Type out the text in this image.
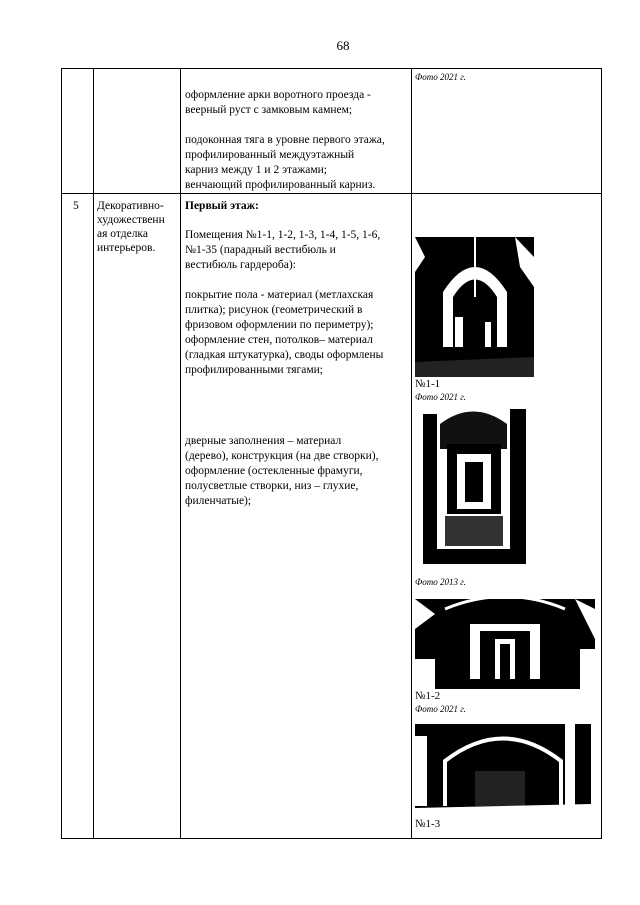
68
оформление арки воротного проезда -
веерный руст с замковым камнем;
подоконная тяга в уровне первого этажа,
профилированный междуэтажный
карниз между 1 и 2 этажами;
венчающий профилированный карниз.
Фото 2021 г.
5 Декоративно-
художественн
ая отделка
интерьеров.
Первый этаж:
Помещения №1-1, 1-2, 1-3, 1-4, 1-5, 1-6,
№1-35 (парадный вестибюль и
вестибюль гардероба):
покрытие пола - материал (метлахская
плитка); рисунок (геометрический в
фризовом оформлении по периметру);
оформление стен, потолков– материал
(гладкая штукатурка), своды оформлены
профилированными тягами;
дверные заполнения – материал
(дерево), конструкция (на две створки),
оформление (остекленные фрамуги,
полусветлые створки, низ – глухие,
филенчатые);
№1-1
Фото 2021 г.
Фото 2013 г.
№1-2
Фото 2021 г.
№1-3
